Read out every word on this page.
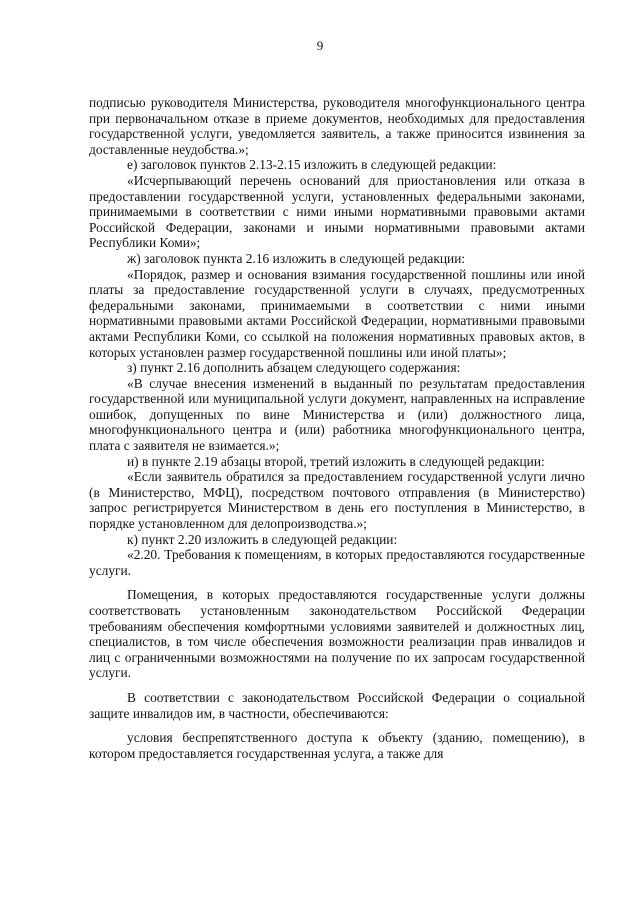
9

подписью руководителя Министерства, руководителя многофункционального центра при первоначальном отказе в приеме документов, необходимых для предоставления государственной услуги, уведомляется заявитель, а также приносится извинения за доставленные неудобства.»;

е) заголовок пунктов 2.13-2.15 изложить в следующей редакции:

«Исчерпывающий перечень оснований для приостановления или отказа в предоставлении государственной услуги, установленных федеральными законами, принимаемыми в соответствии с ними иными нормативными правовыми актами Российской Федерации, законами и иными нормативными правовыми актами Республики Коми»;

ж) заголовок пункта 2.16 изложить в следующей редакции:

«Порядок, размер и основания взимания государственной пошлины или иной платы за предоставление государственной услуги в случаях, предусмотренных федеральными законами, принимаемыми в соответствии с ними иными нормативными правовыми актами Российской Федерации, нормативными правовыми актами Республики Коми, со ссылкой на положения нормативных правовых актов, в которых установлен размер государственной пошлины или иной платы»;

з) пункт 2.16 дополнить абзацем следующего содержания:

«В случае внесения изменений в выданный по результатам предоставления государственной или муниципальной услуги документ, направленных на исправление ошибок, допущенных по вине Министерства и (или) должностного лица, многофункционального центра и (или) работника многофункционального центра, плата с заявителя не взимается.»;

и) в пункте 2.19 абзацы второй, третий изложить в следующей редакции:

«Если заявитель обратился за предоставлением государственной услуги лично (в Министерство, МФЦ), посредством почтового отправления (в Министерство) запрос регистрируется Министерством в день его поступления в Министерство, в порядке установленном для делопроизводства.»;

к) пункт 2.20 изложить в следующей редакции:

«2.20. Требования к помещениям, в которых предоставляются государственные услуги.

Помещения, в которых предоставляются государственные услуги должны соответствовать установленным законодательством Российской Федерации требованиям обеспечения комфортными условиями заявителей и должностных лиц, специалистов, в том числе обеспечения возможности реализации прав инвалидов и лиц с ограниченными возможностями на получение по их запросам государственной услуги.

В соответствии с законодательством Российской Федерации о социальной защите инвалидов им, в частности, обеспечиваются:

условия беспрепятственного доступа к объекту (зданию, помещению), в котором предоставляется государственная услуга, а также для
